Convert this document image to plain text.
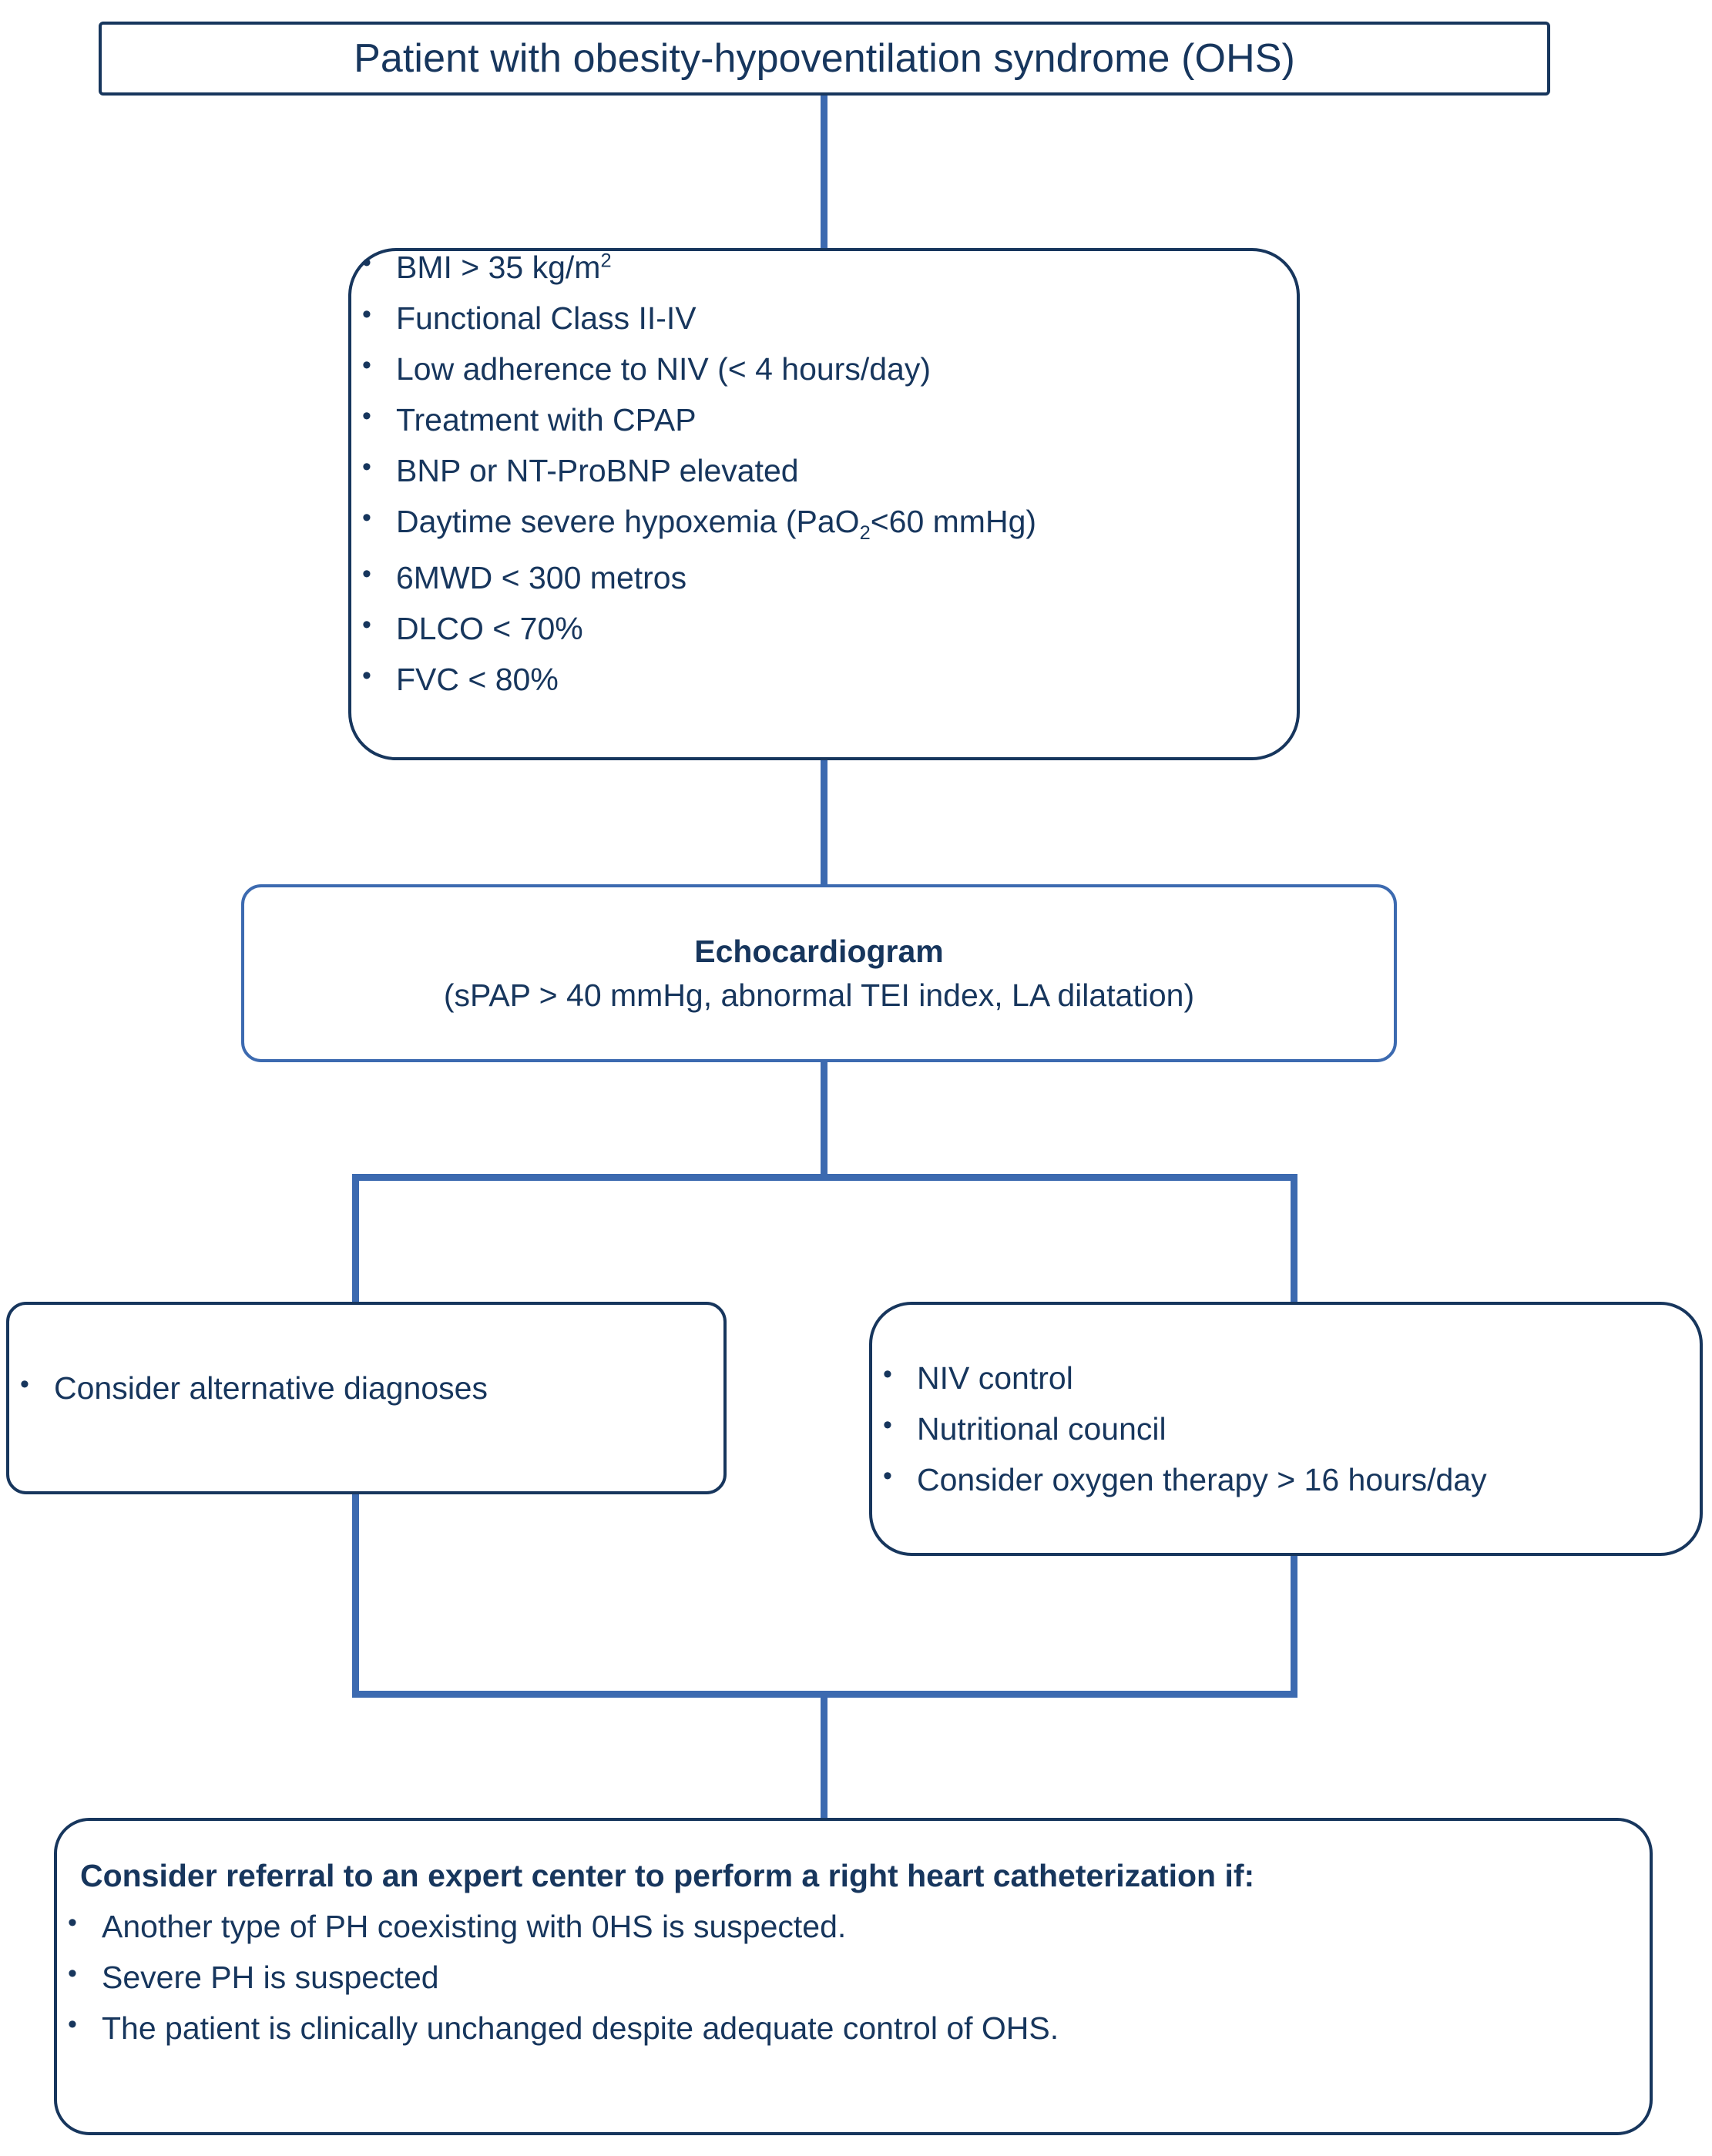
Patient with obesity-hypoventilation syndrome (OHS)
• BMI > 35 $kg/m^2$
• Functional Class II-IV
• Low adherence to NIV (< 4 hours/day)
• Treatment with CPAP
• BNP or NT-ProBNP elevated
• Daytime severe hypoxemia (PaO$_2$<60 mmHg)
• 6MWD < 300 metros
• DLCO < 70%
• FVC < 80%
Echocardiogram
(sPAP > 40 mmHg, abnormal TEI index, LA dilatation)
• Consider alternative diagnoses	• NIV control
• Nutritional council
• Consider oxygen therapy > 16 hours/day
Consider referral to an expert center to perform a right heart catheterization if:
• Another type of PH coexisting with 0HS is suspected.
• Severe PH is suspected
• The patient is clinically unchanged despite adequate control of OHS.
